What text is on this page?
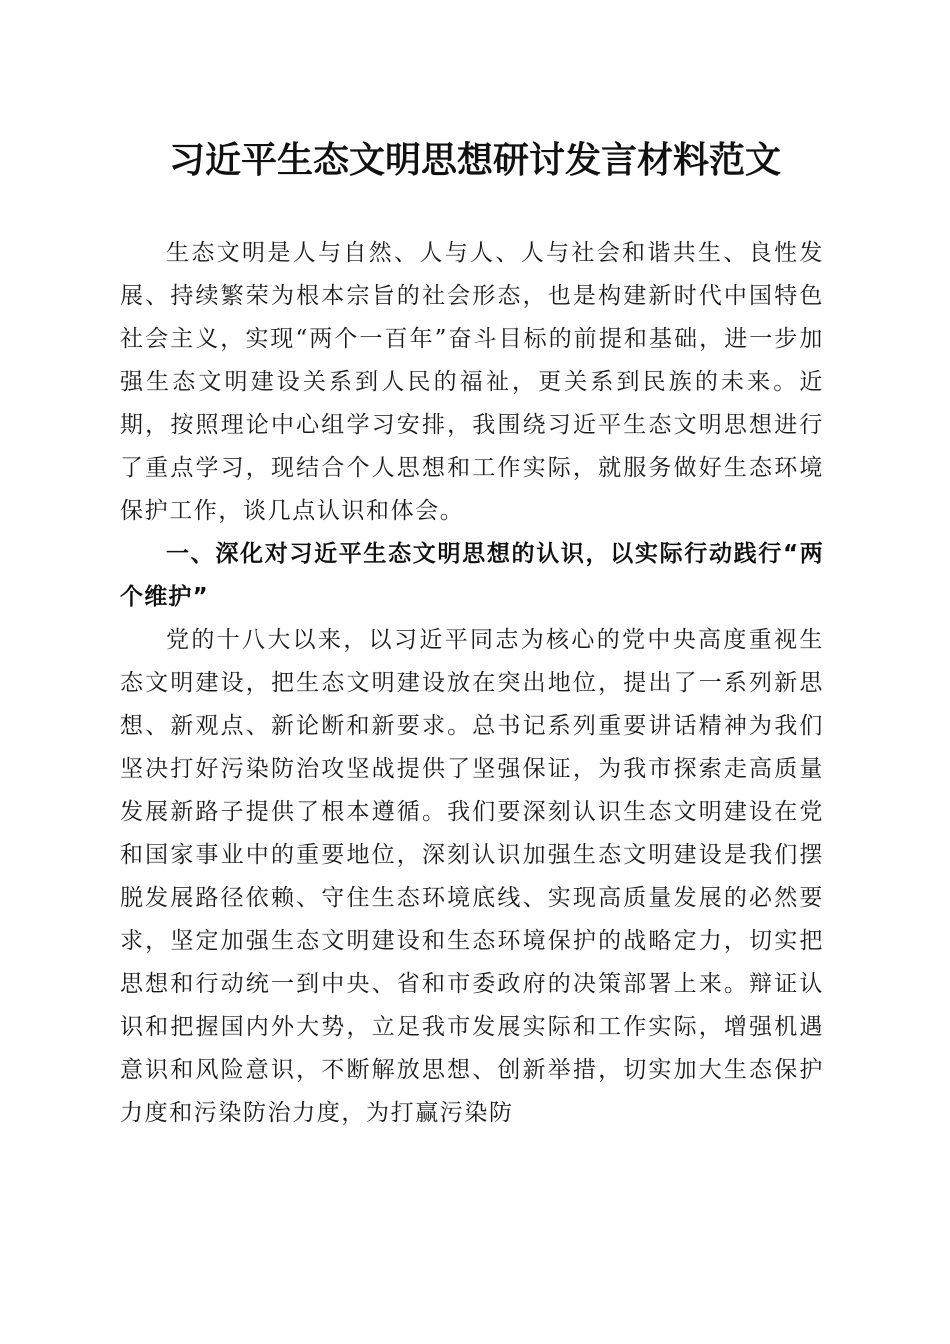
习近平生态文明思想研讨发言材料范文

生态文明是人与自然、人与人、人与社会和谐共生、良性发展、持续繁荣为根本宗旨的社会形态，也是构建新时代中国特色社会主义，实现“两个一百年”奋斗目标的前提和基础，进一步加强生态文明建设关系到人民的福祉，更关系到民族的未来。近期，按照理论中心组学习安排，我围绕习近平生态文明思想进行了重点学习，现结合个人思想和工作实际，就服务做好生态环境保护工作，谈几点认识和体会。

一、深化对习近平生态文明思想的认识，以实际行动践行“两个维护”

党的十八大以来，以习近平同志为核心的党中央高度重视生态文明建设，把生态文明建设放在突出地位，提出了一系列新思想、新观点、新论断和新要求。总书记系列重要讲话精神为我们坚决打好污染防治攻坚战提供了坚强保证，为我市探索走高质量发展新路子提供了根本遵循。我们要深刻认识生态文明建设在党和国家事业中的重要地位，深刻认识加强生态文明建设是我们摆脱发展路径依赖、守住生态环境底线、实现高质量发展的必然要求，坚定加强生态文明建设和生态环境保护的战略定力，切实把思想和行动统一到中央、省和市委政府的决策部署上来。辩证认识和把握国内外大势，立足我市发展实际和工作实际，增强机遇意识和风险意识，不断解放思想、创新举措，切实加大生态保护力度和污染防治力度，为打赢污染防
